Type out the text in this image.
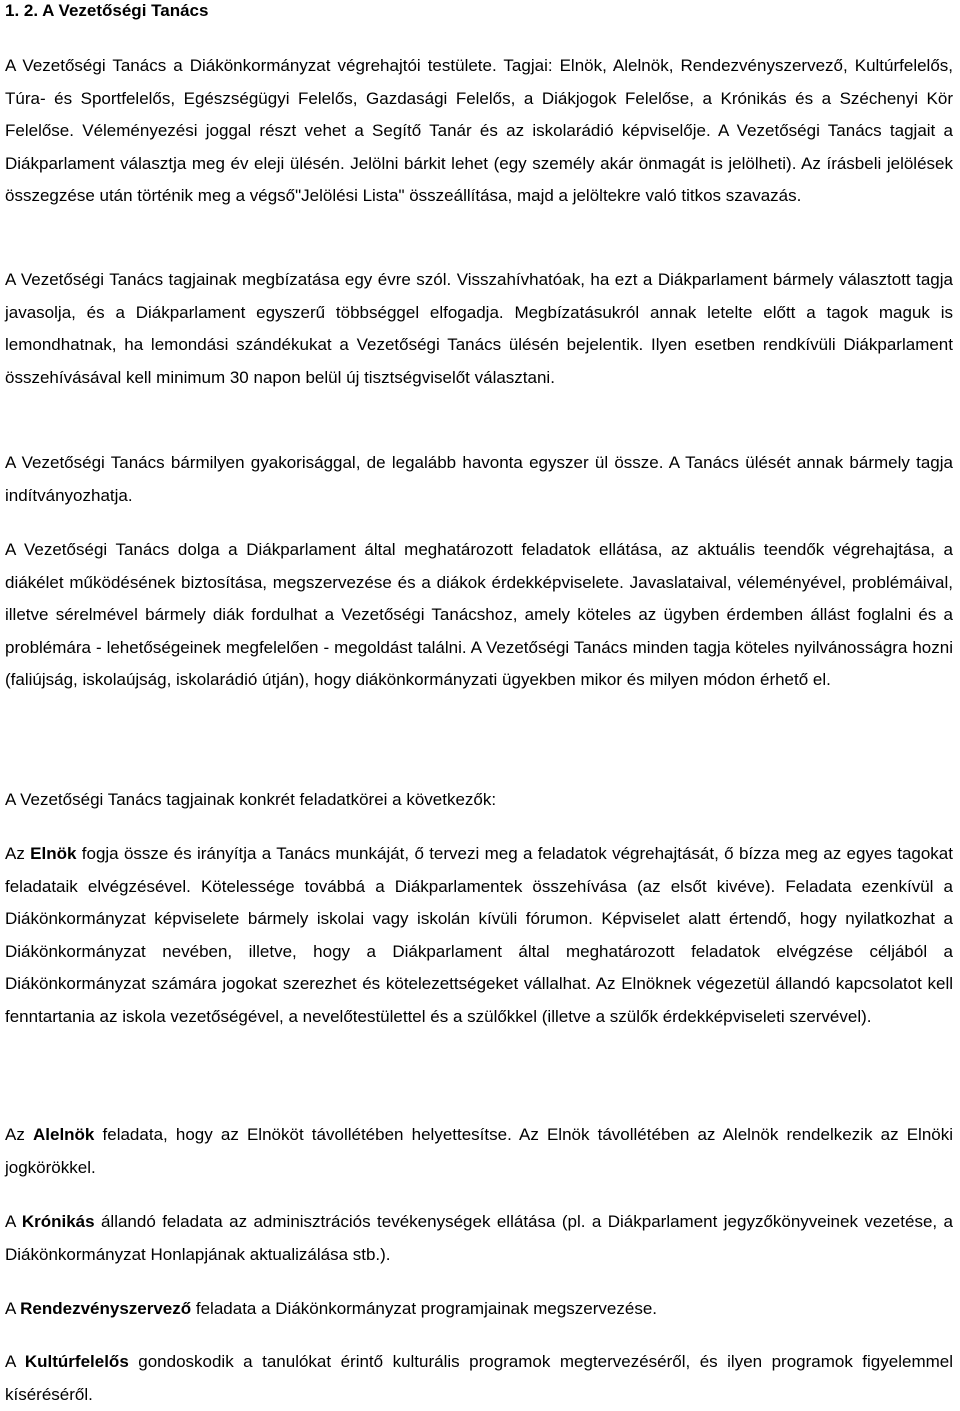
1. 2. A Vezetőségi Tanács

A Vezetőségi Tanács a Diákönkormányzat végrehajtói testülete. Tagjai: Elnök, Alelnök, Rendezvényszervező, Kultúrfelelős, Túra- és Sportfelelős, Egészségügyi Felelős, Gazdasági Felelős, a Diákjogok Felelőse, a Krónikás és a Széchenyi Kör Felelőse. Véleményezési joggal részt vehet a Segítő Tanár és az iskolarádió képviselője. A Vezetőségi Tanács tagjait a Diákparlament választja meg év eleji ülésén. Jelölni bárkit lehet (egy személy akár önmagát is jelölheti). Az írásbeli jelölések összegzése után történik meg a végső"Jelölési Lista" összeállítása, majd a jelöltekre való titkos szavazás.

A Vezetőségi Tanács tagjainak megbízatása egy évre szól. Visszahívhatóak, ha ezt a Diákparlament bármely választott tagja javasolja, és a Diákparlament egyszerű többséggel elfogadja. Megbízatásukról annak letelte előtt a tagok maguk is lemondhatnak, ha lemondási szándékukat a Vezetőségi Tanács ülésén bejelentik. Ilyen esetben rendkívüli Diákparlament összehívásával kell minimum 30 napon belül új tisztségviselőt választani.

A Vezetőségi Tanács bármilyen gyakorisággal, de legalább havonta egyszer ül össze. A Tanács ülését annak bármely tagja indítványozhatja.

A Vezetőségi Tanács dolga a Diákparlament által meghatározott feladatok ellátása, az aktuális teendők végrehajtása, a diákélet működésének biztosítása, megszervezése és a diákok érdekképviselete. Javaslataival, véleményével, problémáival, illetve sérelmével bármely diák fordulhat a Vezetőségi Tanácshoz, amely köteles az ügyben érdemben állást foglalni és a problémára - lehetőségeinek megfelelően - megoldást találni. A Vezetőségi Tanács minden tagja köteles nyilvánosságra hozni (faliújság, iskolaújság, iskolarádió útján), hogy diákönkormányzati ügyekben mikor és milyen módon érhető el.

A Vezetőségi Tanács tagjainak konkrét feladatkörei a következők:

Az Elnök fogja össze és irányítja a Tanács munkáját, ő tervezi meg a feladatok végrehajtását, ő bízza meg az egyes tagokat feladataik elvégzésével. Kötelessége továbbá a Diákparlamentek összehívása (az elsőt kivéve). Feladata ezenkívül a Diákönkormányzat képviselete bármely iskolai vagy iskolán kívüli fórumon. Képviselet alatt értendő, hogy nyilatkozhat a Diákönkormányzat nevében, illetve, hogy a Diákparlament által meghatározott feladatok elvégzése céljából a Diákönkormányzat számára jogokat szerezhet és kötelezettségeket vállalhat. Az Elnöknek végezetül állandó kapcsolatot kell fenntartania az iskola vezetőségével, a nevelőtestülettel és a szülőkkel (illetve a szülők érdekképviseleti szervével).

Az Alelnök feladata, hogy az Elnököt távollétében helyettesítse. Az Elnök távollétében az Alelnök rendelkezik az Elnöki jogkörökkel.

A Krónikás állandó feladata az adminisztrációs tevékenységek ellátása (pl. a Diákparlament jegyzőkönyveinek vezetése, a Diákönkormányzat Honlapjának aktualizálása stb.).

A Rendezvényszervező feladata a Diákönkormányzat programjainak megszervezése.

A Kultúrfelelős gondoskodik a tanulókat érintő kulturális programok megtervezéséről, és ilyen programok figyelemmel kíséréséről.
